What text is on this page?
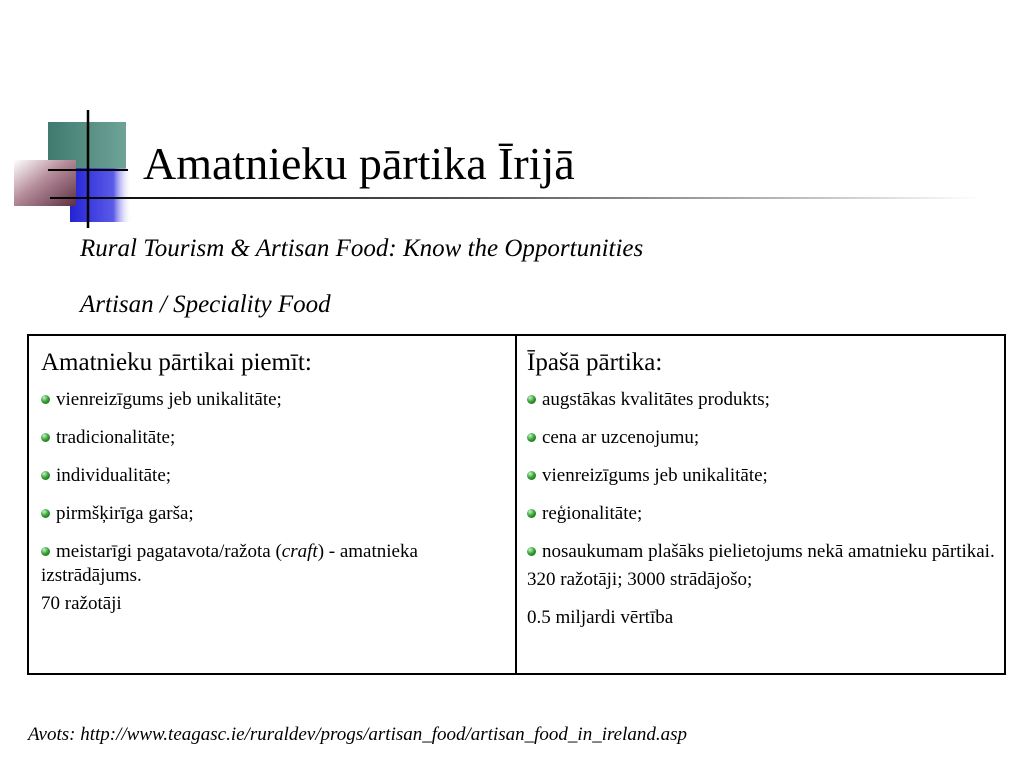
Amatnieku pārtika Īrijā
Rural Tourism & Artisan Food: Know the Opportunities
Artisan / Speciality Food
Amatnieku pārtikai piemīt:
vienreizīgums jeb unikalitāte;
tradicionalitāte;
individualitāte;
pirmšķirīga garša;
meistarīgi pagatavota/ražota (craft) - amatnieka izstrādājums.
70 ražotāji
Īpašā pārtika:
augstākas kvalitātes produkts;
cena ar uzcenojumu;
vienreizīgums jeb unikalitāte;
reģionalitāte;
nosaukumam plašāks pielietojums nekā amatnieku pārtikai.
320 ražotāji; 3000 strādājošo;
0.5 miljardi vērtība
Avots: http://www.teagasc.ie/ruraldev/progs/artisan_food/artisan_food_in_ireland.asp
